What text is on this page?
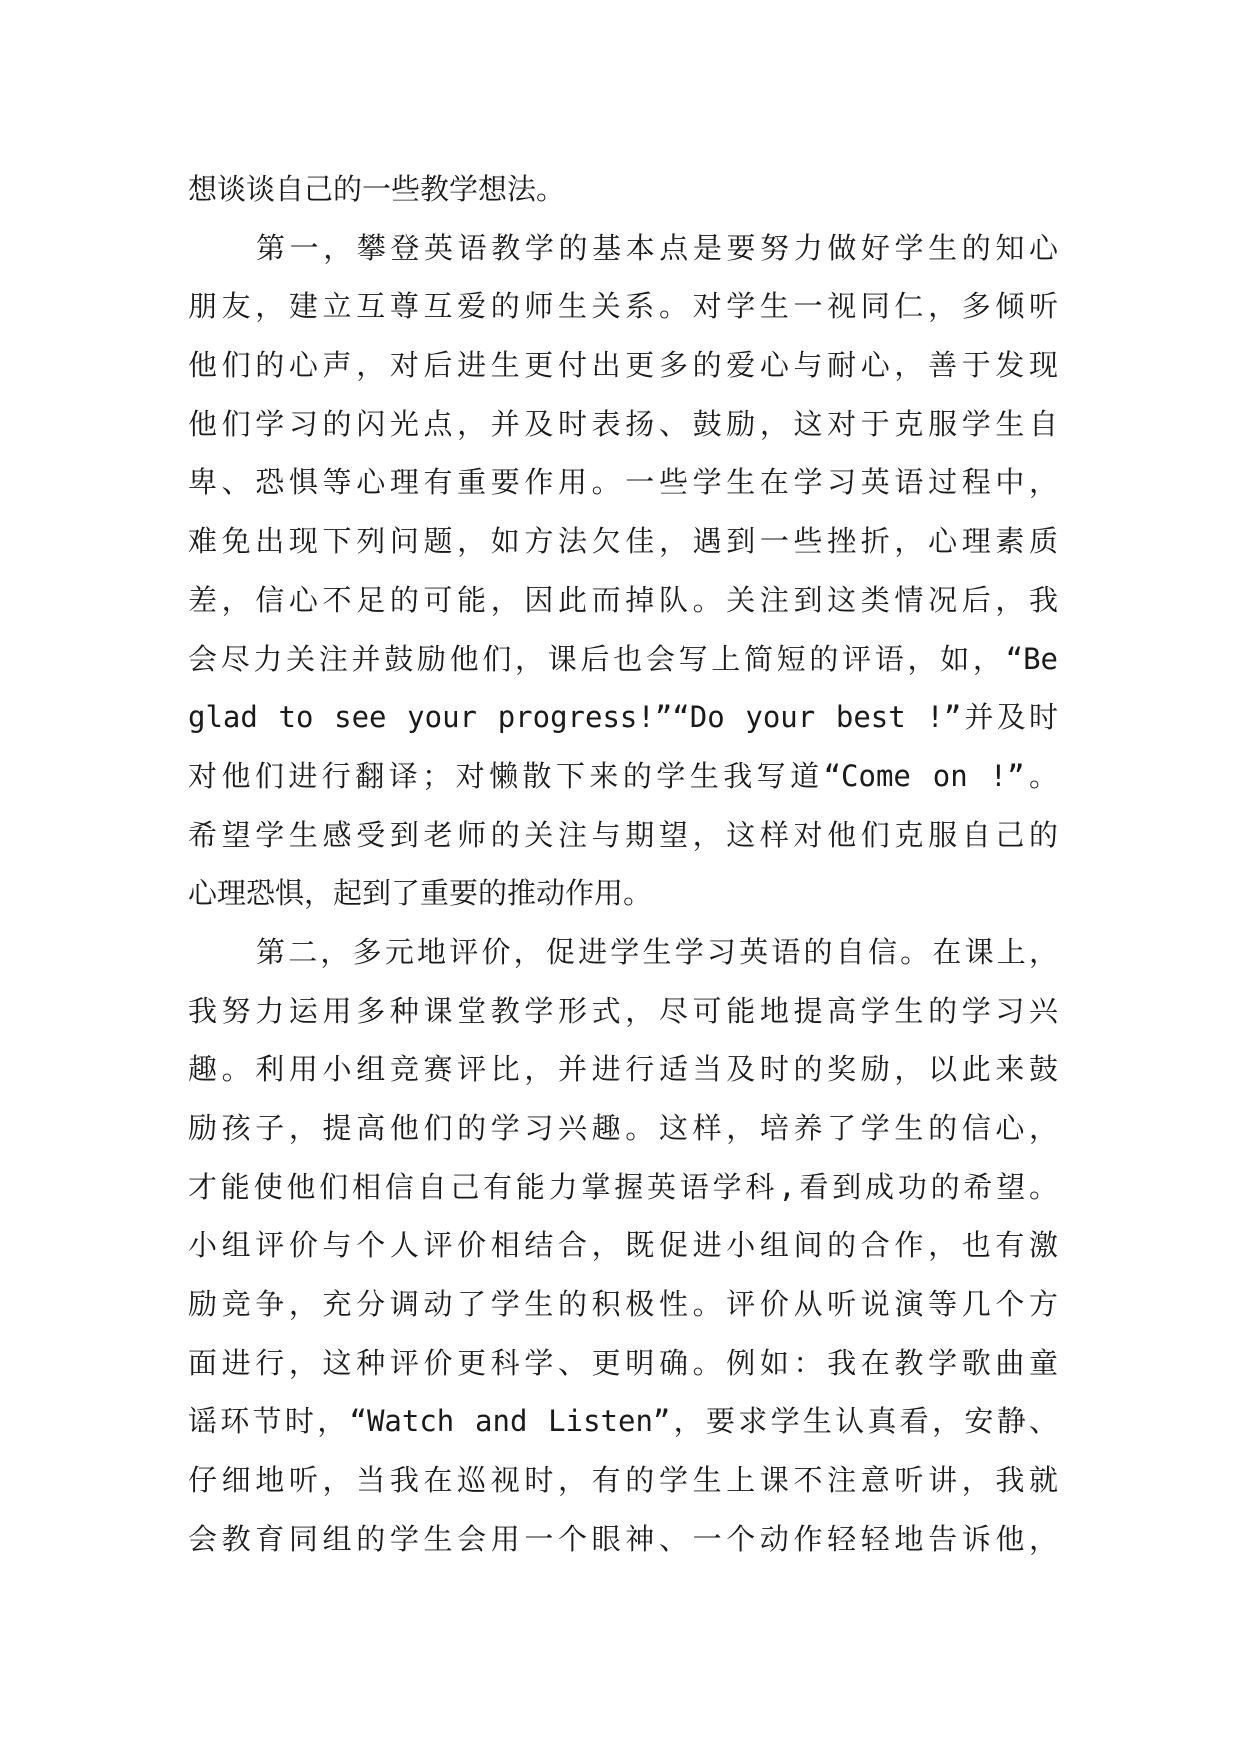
想谈谈自己的一些教学想法。
第一，攀登英语教学的基本点是要努力做好学生的知心
朋友，建立互尊互爱的师生关系。对学生一视同仁，多倾听
他们的心声，对后进生更付出更多的爱心与耐心，善于发现
他们学习的闪光点，并及时表扬、鼓励，这对于克服学生自
卑、恐惧等心理有重要作用。一些学生在学习英语过程中，
难免出现下列问题，如方法欠佳，遇到一些挫折，心理素质
差，信心不足的可能，因此而掉队。关注到这类情况后，我
会尽力关注并鼓励他们，课后也会写上简短的评语，如，“Be
glad to see your progress!”“Do your best !”并及时
对他们进行翻译；对懒散下来的学生我写道“Come on !”。
希望学生感受到老师的关注与期望，这样对他们克服自己的
心理恐惧，起到了重要的推动作用。
第二，多元地评价，促进学生学习英语的自信。在课上，
我努力运用多种课堂教学形式，尽可能地提高学生的学习兴
趣。利用小组竞赛评比，并进行适当及时的奖励，以此来鼓
励孩子，提高他们的学习兴趣。这样，培养了学生的信心，
才能使他们相信自己有能力掌握英语学科,看到成功的希望。
小组评价与个人评价相结合，既促进小组间的合作，也有激
励竞争，充分调动了学生的积极性。评价从听说演等几个方
面进行，这种评价更科学、更明确。例如：我在教学歌曲童
谣环节时，“Watch and Listen”，要求学生认真看，安静、
仔细地听，当我在巡视时，有的学生上课不注意听讲，我就
会教育同组的学生会用一个眼神、一个动作轻轻地告诉他，
